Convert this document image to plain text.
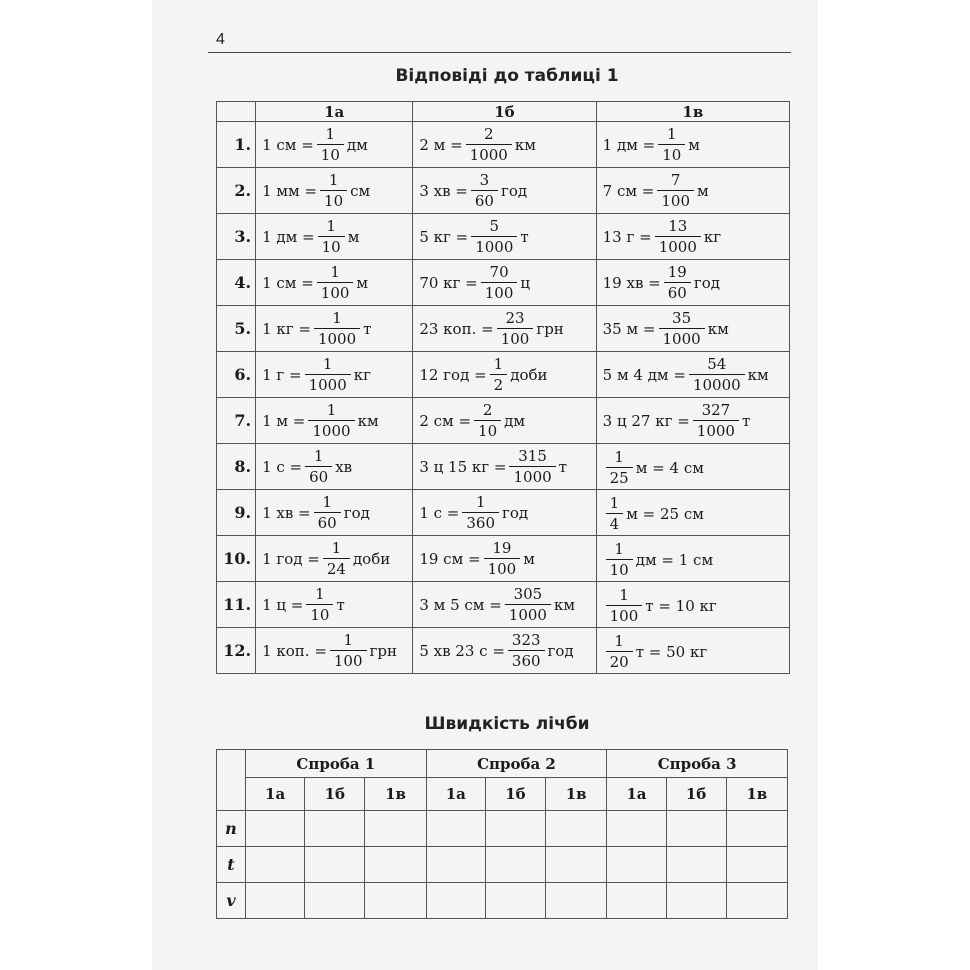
4
Відповіді до таблиці 1
	1а	1б	1в
1.	1 см = $\frac{1}{10}$ дм	2 $м = \frac{2}{1000}$ км	1 дм = $\frac{1}{10}$ м

2.	1 мм = $\frac{1}{10}$ см	3 хв = $\frac{3}{60}$ год	7 см = $\frac{7}{100}$ м

3.	1 дм = $\frac{1}{10}$ м	5 кг = $\frac{5}{1000}$ т	13 $г = \frac{13}{1000}$ кг

4.	1 см = $\frac{1}{100}$ м	70 кг = $\frac{70}{100}$ ц	19 хв = $\frac{19}{60}$ год

5.	1 кг = $\frac{1}{1000}$ т	23 коп. = $\frac{23}{100}$ грн	35 $м = \frac{35}{1000}$ км

6.	1 $г = \frac{1}{1000}$ кг	12 год = $\frac{1}{2}$ доби	5 м 4 дм = $\frac{54}{10000}$ км

7.	1 $м = \frac{1}{1000}$ км	2 см = $\frac{2}{10}$ дм	3 ц 27 кг = $\frac{327}{1000}$ т

8.	1 $с = \frac{1}{60}$ хв	3 ц 15 кг = $\frac{315}{1000}$ т	$\frac{1}{25}$ м = 4 см

9.	1 хв = $\frac{1}{60}$ год	1 $с = \frac{1}{360}$ год	$\frac{1}{4}$ м = 25 см

10.	1 год = $\frac{1}{24}$ доби	19 см = $\frac{19}{100}$ м	$\frac{1}{10}$ дм = 1 см

11.	1 $ц = \frac{1}{10}$ т	3 м 5 см = $\frac{305}{1000}$ км	$\frac{1}{100}$ т = 10 кг

12.	1 коп. = $\frac{1}{100}$ грн	5 хв 23 $с = \frac{323}{360}$ год	$\frac{1}{20}$ т = 50 кг
Швидкість лічби
	Спроба 1			Спроба 2			Спроба 3		
	1а	1б	1в	1а	1б	1в	1а	1б	1в
n									
t									
v									
